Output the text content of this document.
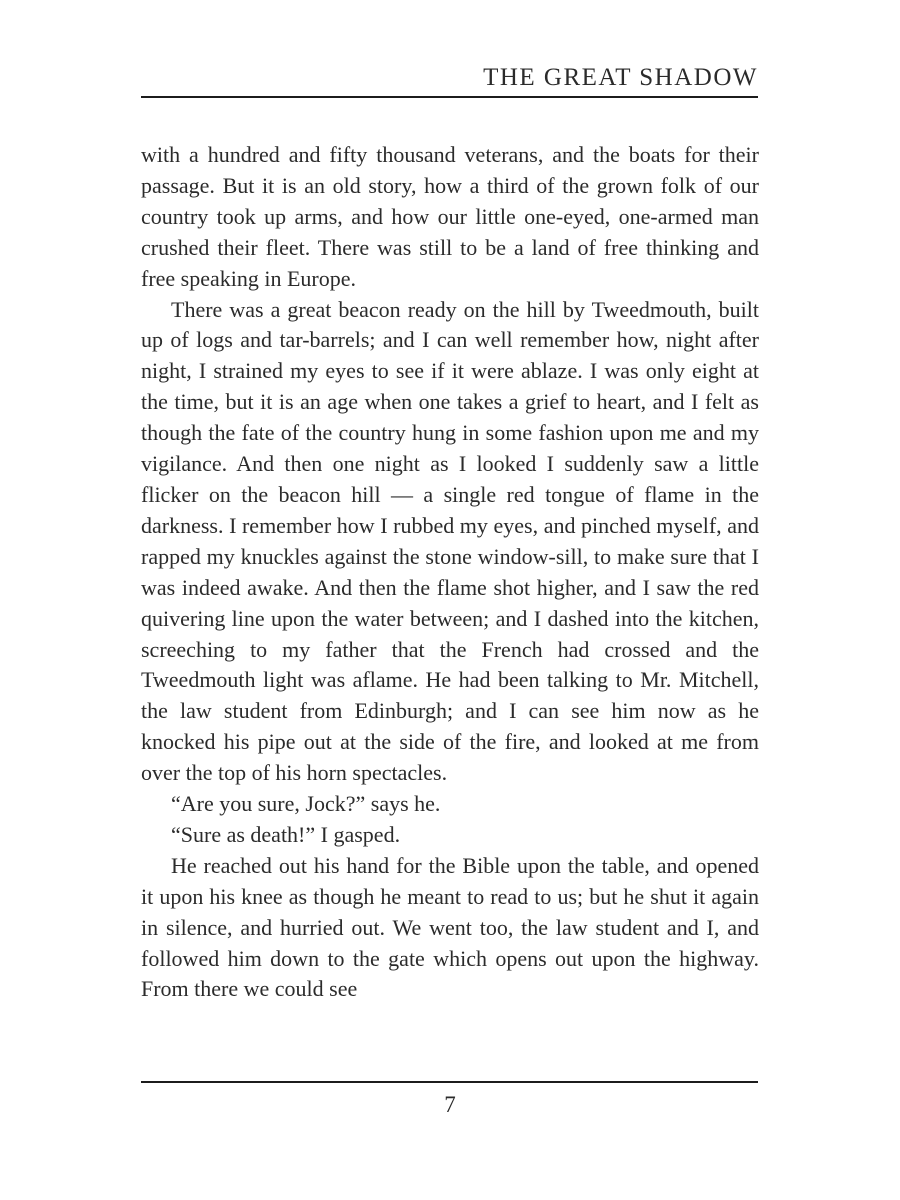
THE GREAT SHADOW

with a hundred and fifty thousand veterans, and the boats for their passage. But it is an old story, how a third of the grown folk of our country took up arms, and how our little one-eyed, one-armed man crushed their fleet. There was still to be a land of free thinking and free speaking in Europe.

There was a great beacon ready on the hill by Tweedmouth, built up of logs and tar-barrels; and I can well remember how, night after night, I strained my eyes to see if it were ablaze. I was only eight at the time, but it is an age when one takes a grief to heart, and I felt as though the fate of the country hung in some fashion upon me and my vigilance. And then one night as I looked I suddenly saw a little flicker on the beacon hill — a single red tongue of flame in the darkness. I remember how I rubbed my eyes, and pinched myself, and rapped my knuckles against the stone window-sill, to make sure that I was indeed awake. And then the flame shot higher, and I saw the red quivering line upon the water between; and I dashed into the kitchen, screeching to my father that the French had crossed and the Tweedmouth light was aflame. He had been talking to Mr. Mitchell, the law student from Edinburgh; and I can see him now as he knocked his pipe out at the side of the fire, and looked at me from over the top of his horn spectacles.

“Are you sure, Jock?” says he.

“Sure as death!” I gasped.

He reached out his hand for the Bible upon the table, and opened it upon his knee as though he meant to read to us; but he shut it again in silence, and hurried out. We went too, the law student and I, and followed him down to the gate which opens out upon the highway. From there we could see

7
